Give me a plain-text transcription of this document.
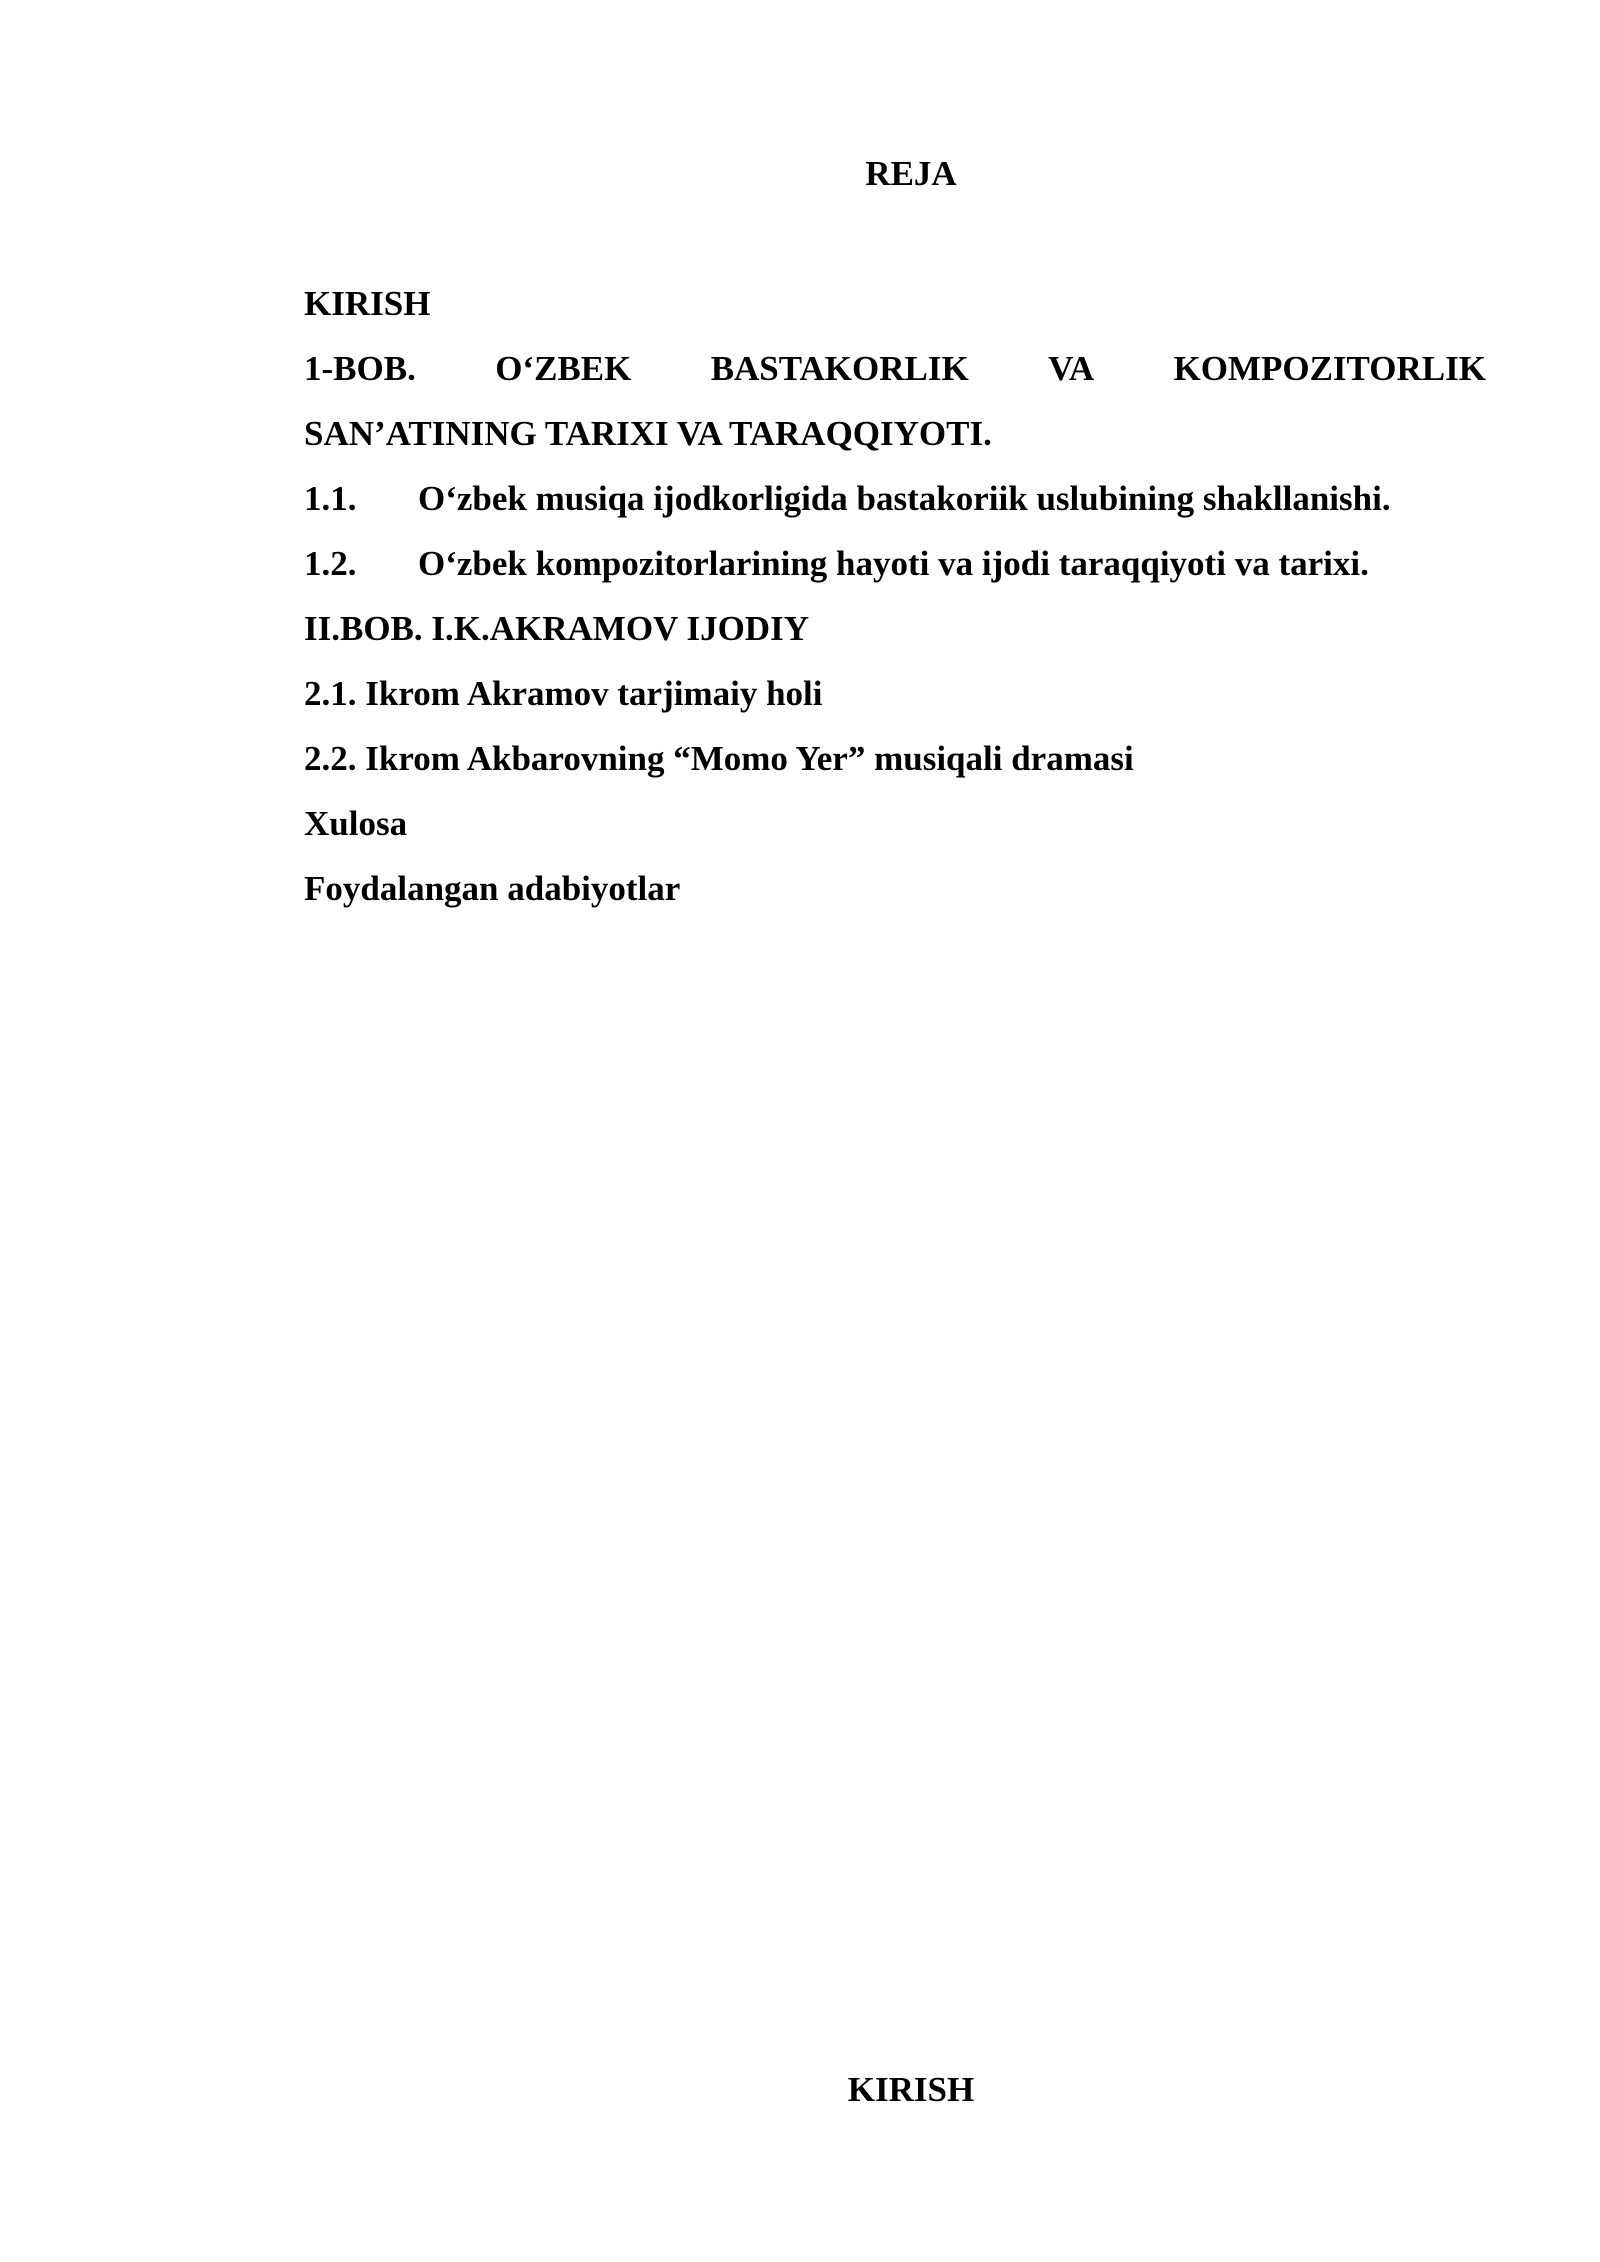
REJA
KIRISH
1-BOB. O‘ZBEK BASTAKORLIK VA KOMPOZITORLIK
SAN’ATINING TARIXI VA TARAQQIYOTI.
1.1. O‘zbek musiqa ijodkorligida bastakoriik uslubining shakllanishi.
1.2. O‘zbek kompozitorlarining hayoti va ijodi taraqqiyoti va tarixi.
II.BOB. I.K.AKRAMOV IJODIY
2.1. Ikrom Akramov tarjimaiy holi
2.2. Ikrom Akbarovning “Momo Yer” musiqali dramasi
Xulosa
Foydalangan adabiyotlar
KIRISH
